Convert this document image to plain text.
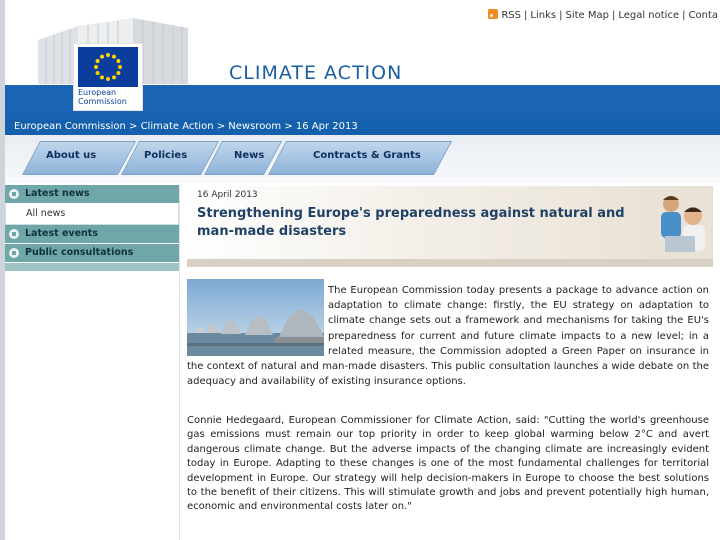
RSS | Links | Site Map | Legal notice | Conta
European
Commission
CLIMATE ACTION
European Commission > Climate Action > Newsroom > 16 Apr 2013
About us	Policies	News	Contracts & Grants
Latest news
All news
Latest events
Public consultations
16 April 2013
Strengthening Europe's preparedness against natural and man-made disasters
The European Commission today presents a package to advance action on adaptation to climate change: firstly, the EU strategy on adaptation to climate change sets out a framework and mechanisms for taking the EU's preparedness for current and future climate impacts to a new level; in a related measure, the Commission adopted a Green Paper on insurance in the context of natural and man-made disasters. This public consultation launches a wide debate on the adequacy and availability of existing insurance options.
Connie Hedegaard, European Commissioner for Climate Action, said: "Cutting the world's greenhouse gas emissions must remain our top priority in order to keep global warming below 2°C and avert dangerous climate change. But the adverse impacts of the changing climate are increasingly evident today in Europe. Adapting to these changes is one of the most fundamental challenges for territorial development in Europe. Our strategy will help decision-makers in Europe to choose the best solutions to the benefit of their citizens. This will stimulate growth and jobs and prevent potentially high human, economic and environmental costs later on."
